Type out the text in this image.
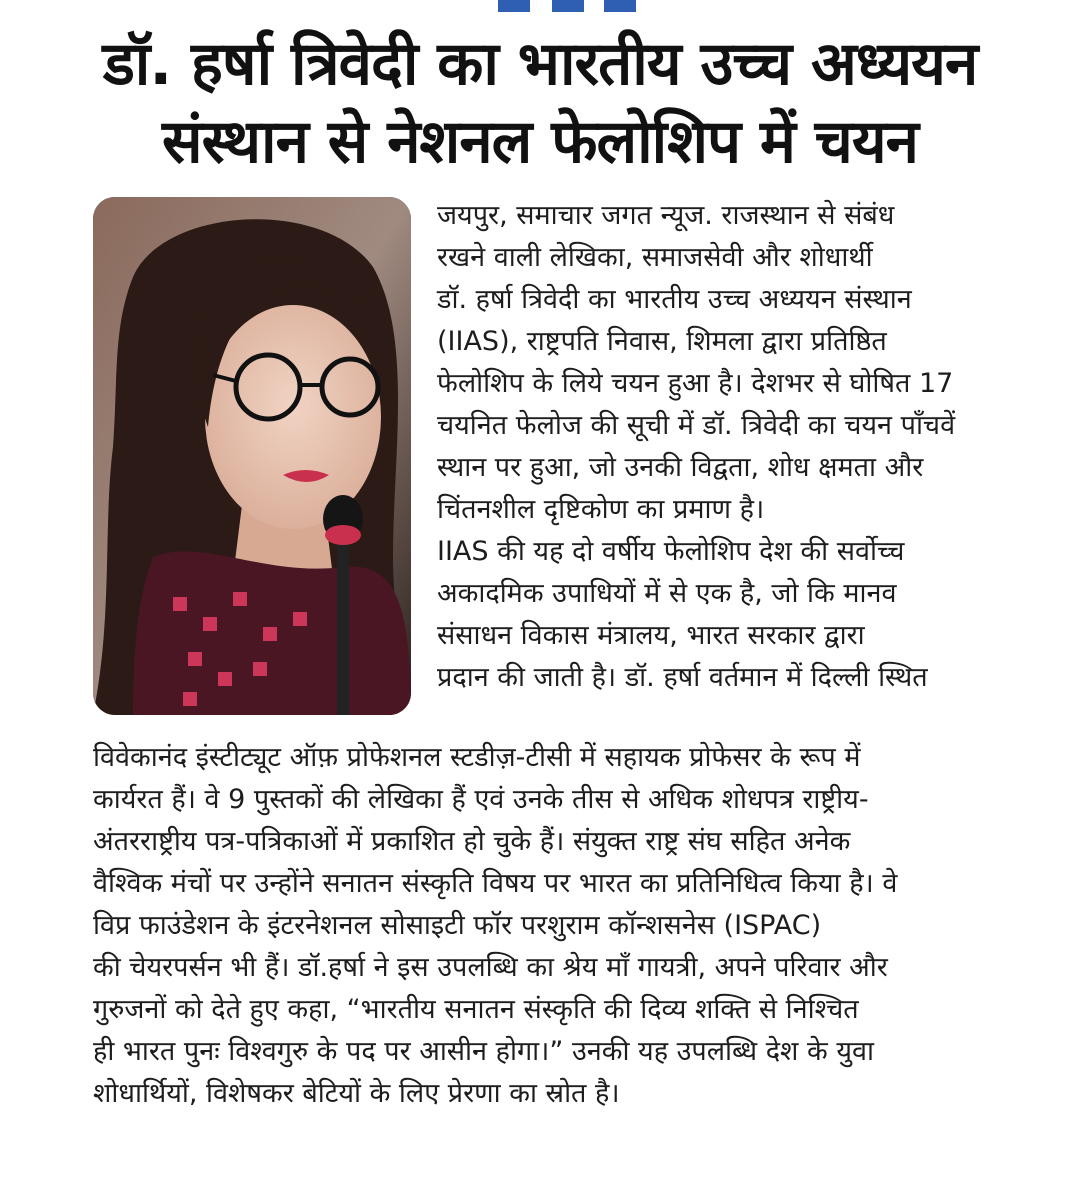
डॉ. हर्षा त्रिवेदी का भारतीय उच्च अध्ययन
संस्थान से नेशनल फेलोशिप में चयन
जयपुर, समाचार जगत न्यूज. राजस्थान से संबंध
रखने वाली लेखिका, समाजसेवी और शोधार्थी
डॉ. हर्षा त्रिवेदी का भारतीय उच्च अध्ययन संस्थान
(IIAS), राष्ट्रपति निवास, शिमला द्वारा प्रतिष्ठित
फेलोशिप के लिये चयन हुआ है। देशभर से घोषित 17
चयनित फेलोज की सूची में डॉ. त्रिवेदी का चयन पाँचवें
स्थान पर हुआ, जो उनकी विद्वता, शोध क्षमता और
चिंतनशील दृष्टिकोण का प्रमाण है।
IIAS की यह दो वर्षीय फेलोशिप देश की सर्वोच्च
अकादमिक उपाधियों में से एक है, जो कि मानव
संसाधन विकास मंत्रालय, भारत सरकार द्वारा
प्रदान की जाती है। डॉ. हर्षा वर्तमान में दिल्ली स्थित
विवेकानंद इंस्टीट्यूट ऑफ़ प्रोफेशनल स्टडीज़-टीसी में सहायक प्रोफेसर के रूप में
कार्यरत हैं। वे 9 पुस्तकों की लेखिका हैं एवं उनके तीस से अधिक शोधपत्र राष्ट्रीय-
अंतरराष्ट्रीय पत्र-पत्रिकाओं में प्रकाशित हो चुके हैं। संयुक्त राष्ट्र संघ सहित अनेक
वैश्विक मंचों पर उन्होंने सनातन संस्कृति विषय पर भारत का प्रतिनिधित्व किया है। वे
विप्र फाउंडेशन के इंटरनेशनल सोसाइटी फॉर परशुराम कॉन्शसनेस (ISPAC)
की चेयरपर्सन भी हैं। डॉ.हर्षा ने इस उपलब्धि का श्रेय माँ गायत्री, अपने परिवार और
गुरुजनों को देते हुए कहा, “भारतीय सनातन संस्कृति की दिव्य शक्ति से निश्चित
ही भारत पुनः विश्वगुरु के पद पर आसीन होगा।” उनकी यह उपलब्धि देश के युवा
शोधार्थियों, विशेषकर बेटियों के लिए प्रेरणा का स्रोत है।
